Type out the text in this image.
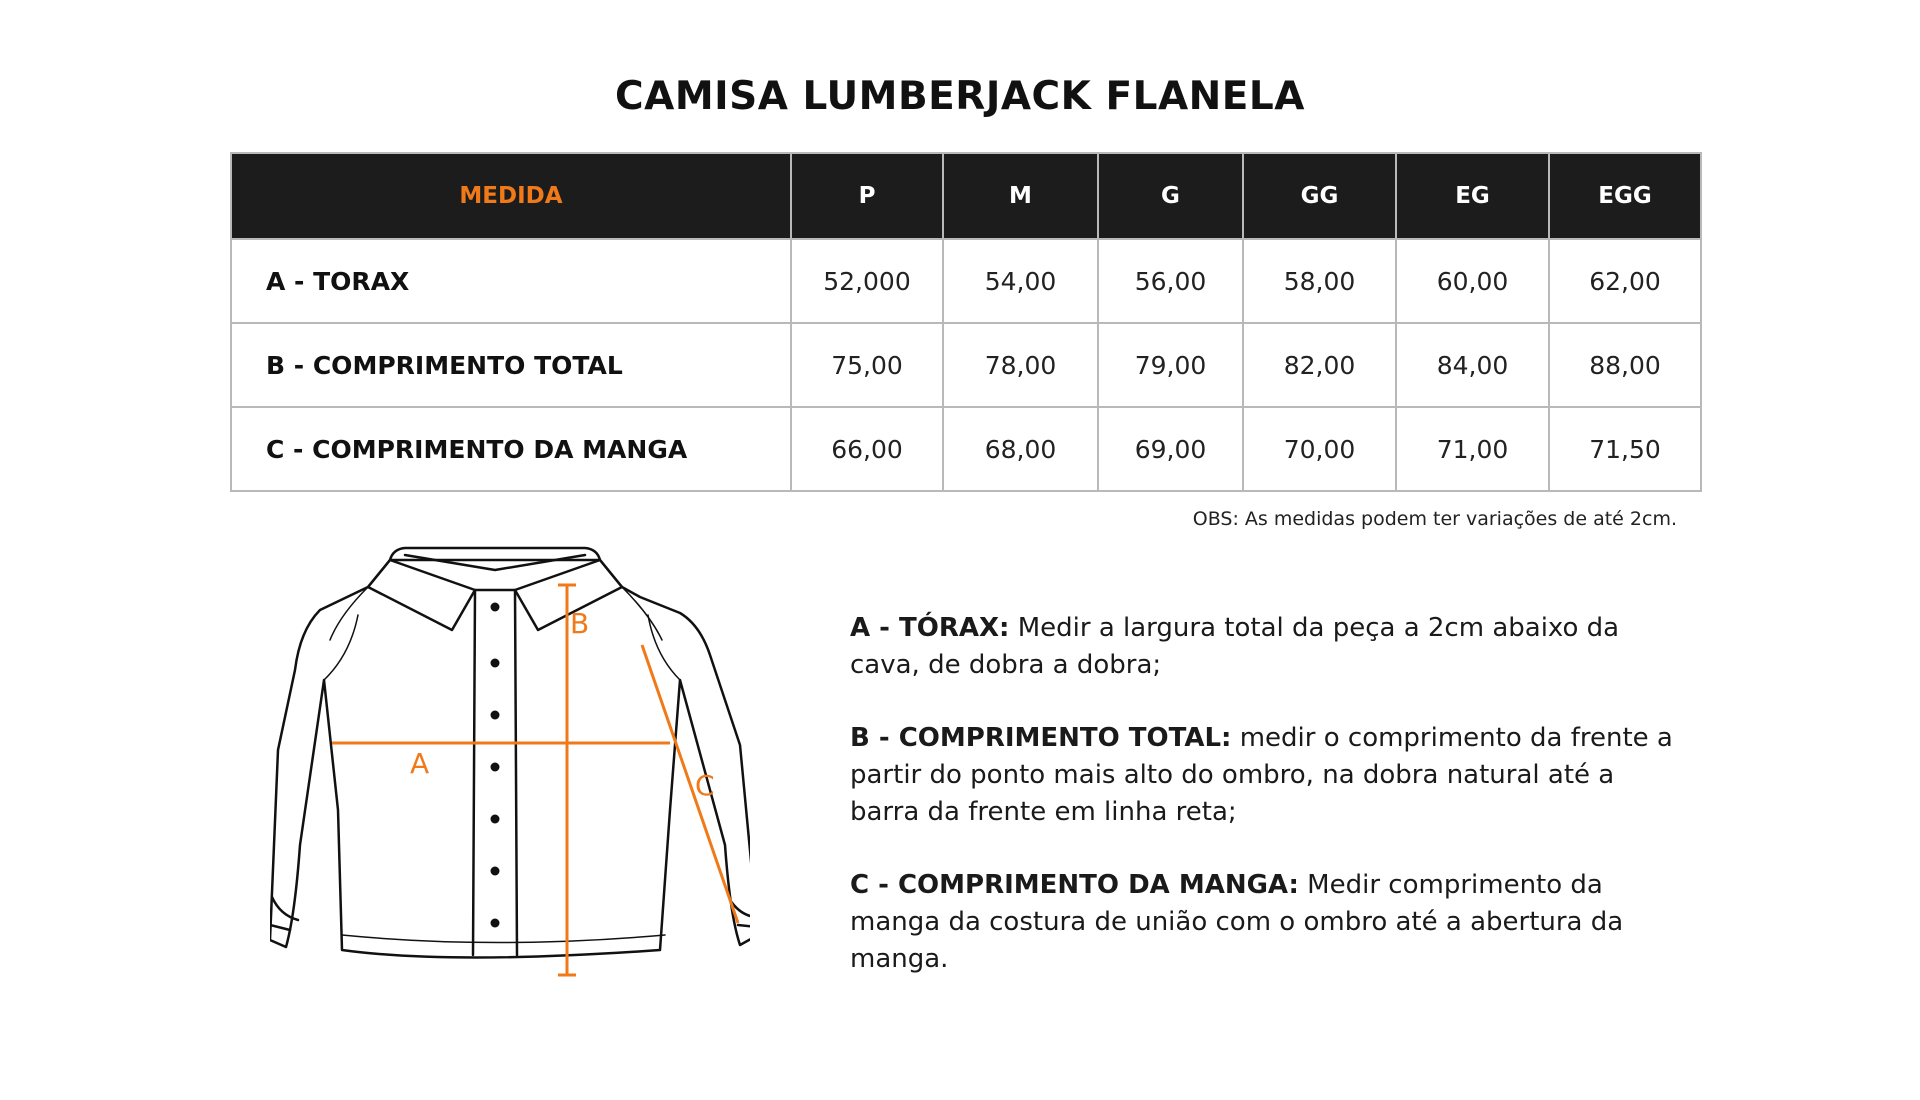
CAMISA LUMBERJACK FLANELA
MEDIDA	P	M	G	GG	EG	EGG
A - TORAX	52,000	54,00	56,00	58,00	60,00	62,00
B - COMPRIMENTO TOTAL	75,00	78,00	79,00	82,00	84,00	88,00
C - COMPRIMENTO DA MANGA	66,00	68,00	69,00	70,00	71,00	71,50
OBS: As medidas podem ter variações de até 2cm.
A
B
C

A - TÓRAX: Medir a largura total da peça a 2cm abaixo da cava, de dobra a dobra;

B - COMPRIMENTO TOTAL: medir o comprimento da frente a partir do ponto mais alto do ombro, na dobra natural até a barra da frente em linha reta;

C - COMPRIMENTO DA MANGA: Medir comprimento da manga da costura de união com o ombro até a abertura da manga.
